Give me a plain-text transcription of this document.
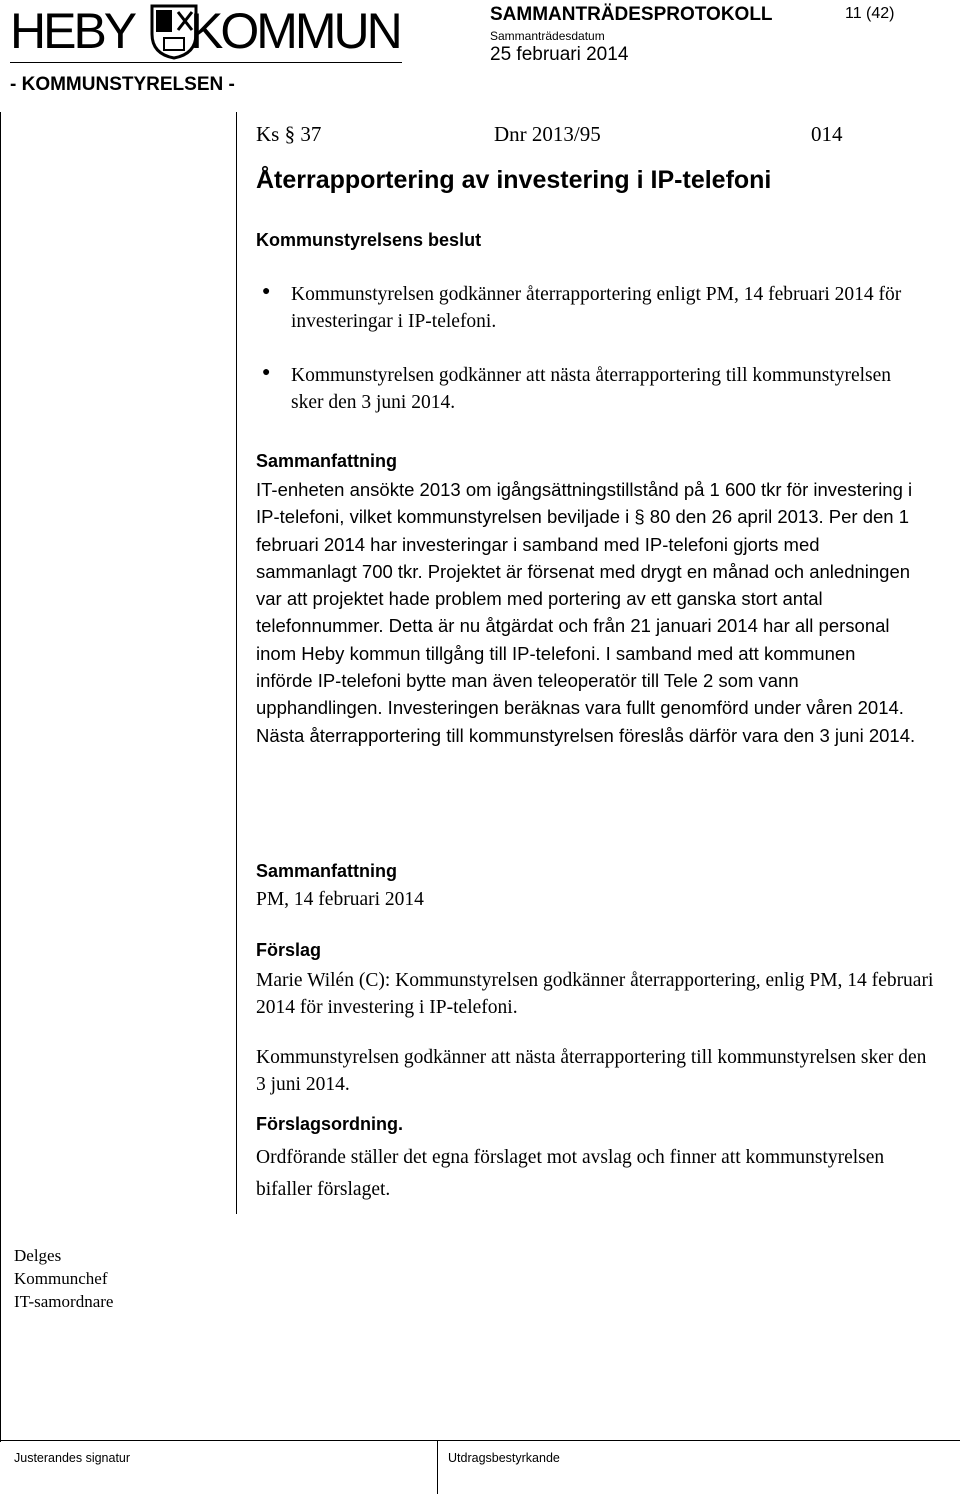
HEBY KOMMUN
- KOMMUNSTYRELSEN -
SAMMANTRÄDESPROTOKOLL	11 (42)
Sammanträdesdatum
25 februari 2014
Ks § 37	Dnr 2013/95	014
Återrapportering av investering i IP-telefoni
Kommunstyrelsens beslut
● Kommunstyrelsen godkänner återrapportering enligt PM, 14 februari 2014 för investeringar i IP-telefoni.
● Kommunstyrelsen godkänner att nästa återrapportering till kommunstyrelsen sker den 3 juni 2014.
Sammanfattning
IT-enheten ansökte 2013 om igångsättningstillstånd på 1 600 tkr för investering i IP-telefoni, vilket kommunstyrelsen beviljade i § 80 den 26 april 2013. Per den 1 februari 2014 har investeringar i samband med IP-telefoni gjorts med sammanlagt 700 tkr. Projektet är försenat med drygt en månad och anledningen var att projektet hade problem med portering av ett ganska stort antal telefonnummer. Detta är nu åtgärdat och från 21 januari 2014 har all personal inom Heby kommun tillgång till IP-telefoni. I samband med att kommunen införde IP-telefoni bytte man även teleoperatör till Tele 2 som vann upphandlingen. Investeringen beräknas vara fullt genomförd under våren 2014. Nästa återrapportering till kommunstyrelsen föreslås därför vara den 3 juni 2014.
Sammanfattning
PM, 14 februari 2014
Förslag
Marie Wilén (C): Kommunstyrelsen godkänner återrapportering, enlig PM, 14 februari 2014 för investering i IP-telefoni.
Kommunstyrelsen godkänner att nästa återrapportering till kommunstyrelsen sker den 3 juni 2014.
Förslagsordning.
Ordförande ställer det egna förslaget mot avslag och finner att kommunstyrelsen bifaller förslaget.
Delges
Kommunchef
IT-samordnare
Justerandes signatur	Utdragsbestyrkande
